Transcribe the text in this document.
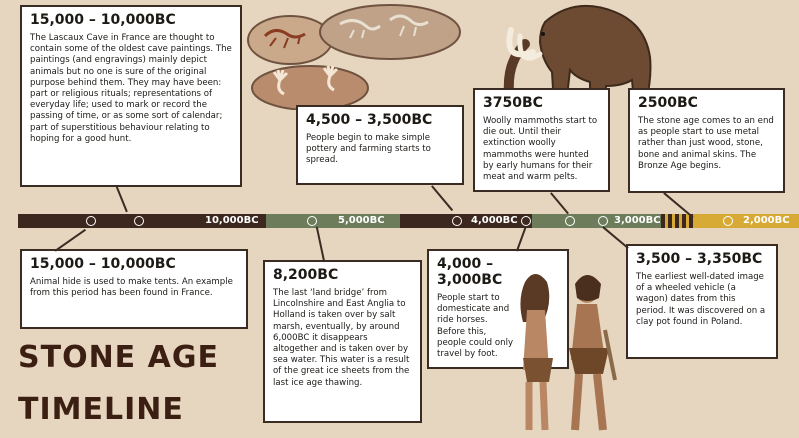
15,000 – 10,000BC

The Lascaux Cave in France are thought to contain some of the oldest cave paintings. The paintings (and engravings) mainly depict animals but no one is sure of the original purpose behind them. They may have been: part or religious rituals; representations of everyday life; used to mark or record the passing of time, or as some sort of calendar; part of superstitious behaviour relating to hoping for a good hunt.

4,500 – 3,500BC

People begin to make simple pottery and farming starts to spread.

3750BC

Woolly mammoths start to die out. Until their extinction woolly mammoths were hunted by early humans for their meat and warm pelts.

2500BC

The stone age comes to an end as people start to use metal rather than just wood, stone, bone and animal skins. The Bronze Age begins.

15,000 – 10,000BC

Animal hide is used to make tents. An example from this period has been found in France.

8,200BC

The last ‘land bridge’ from Lincolnshire and East Anglia to Holland is taken over by salt marsh, eventually, by around 6,000BC it disappears altogether and is taken over by sea water. This water is a result of the great ice sheets from the last ice age thawing.

4,000 – 3,000BC

People start to domesticate and ride horses. Before this, people could only travel by foot.

3,500 – 3,350BC

The earliest well-dated image of a wheeled vehicle (a wagon) dates from this period. It was discovered on a clay pot found in Poland.

STONE AGE
TIMELINE
10,000BC	5,000BC	4,000BC	3,000BC	2,000BC
